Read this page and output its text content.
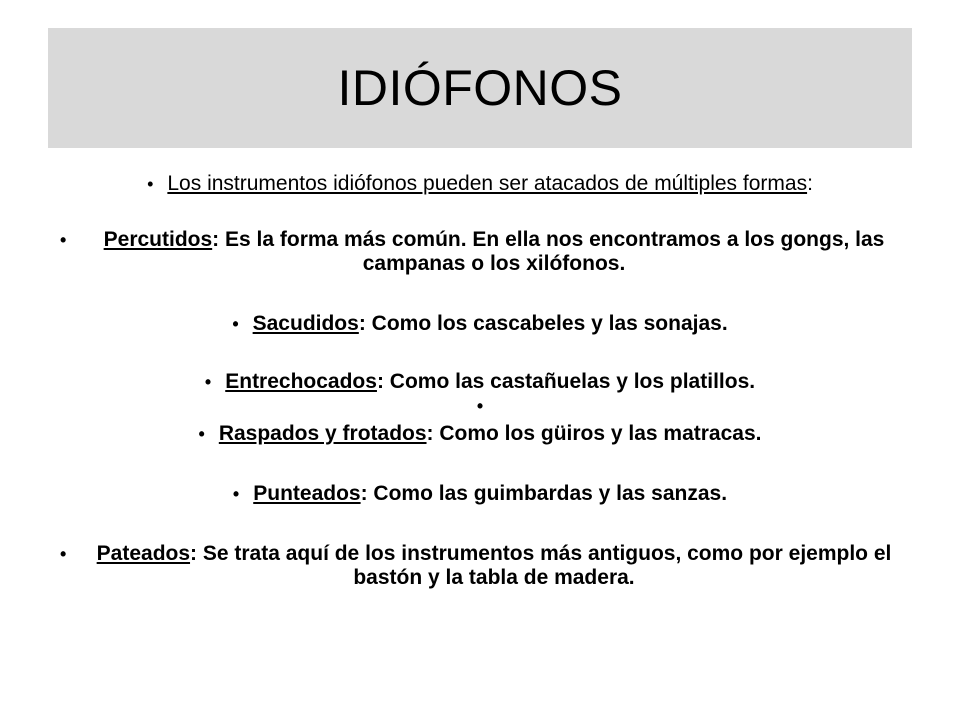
IDIÓFONOS
• Los instrumentos idiófonos pueden ser atacados de múltiples formas:
• Percutidos: Es la forma más común. En ella nos encontramos a los gongs, las campanas o los xilófonos.
• Sacudidos: Como los cascabeles y las sonajas.
• Entrechocados: Como las castañuelas y los platillos.
•
• Raspados y frotados: Como los güiros y las matracas.
• Punteados: Como las guimbardas y las sanzas.
• Pateados: Se trata aquí de los instrumentos más antiguos, como por ejemplo el bastón y la tabla de madera.
